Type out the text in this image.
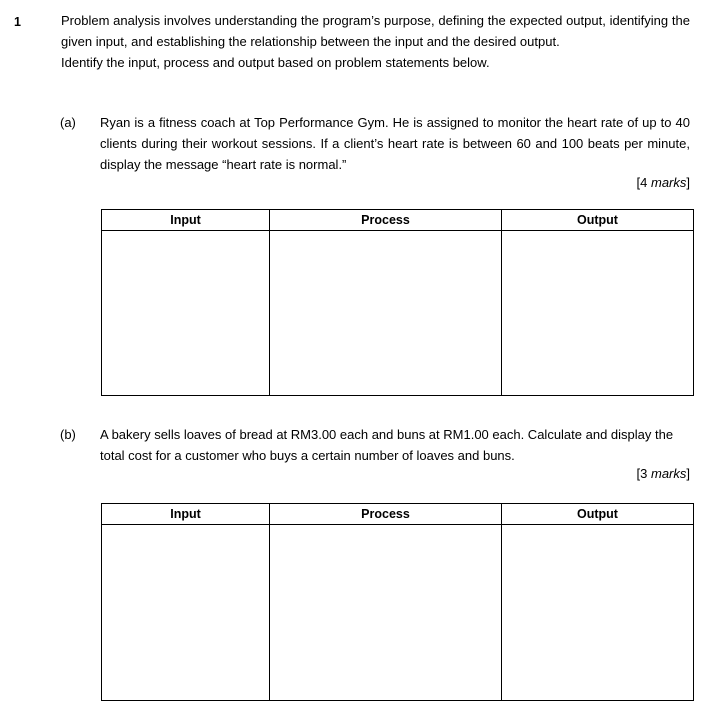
1	Problem analysis involves understanding the program’s purpose, defining the expected output, identifying the given input, and establishing the relationship between the input and the desired output.

Identify the input, process and output based on problem statements below.

(a) Ryan is a fitness coach at Top Performance Gym. He is assigned to monitor the heart rate of up to 40 clients during their workout sessions. If a client’s heart rate is between 60 and 100 beats per minute, display the message “heart rate is normal.”

[4 marks]
Input	Process	Output

(b) A bakery sells loaves of bread at RM3.00 each and buns at RM1.00 each. Calculate and display the total cost for a customer who buys a certain number of loaves and buns.

[3 marks]
Input	Process	Output
